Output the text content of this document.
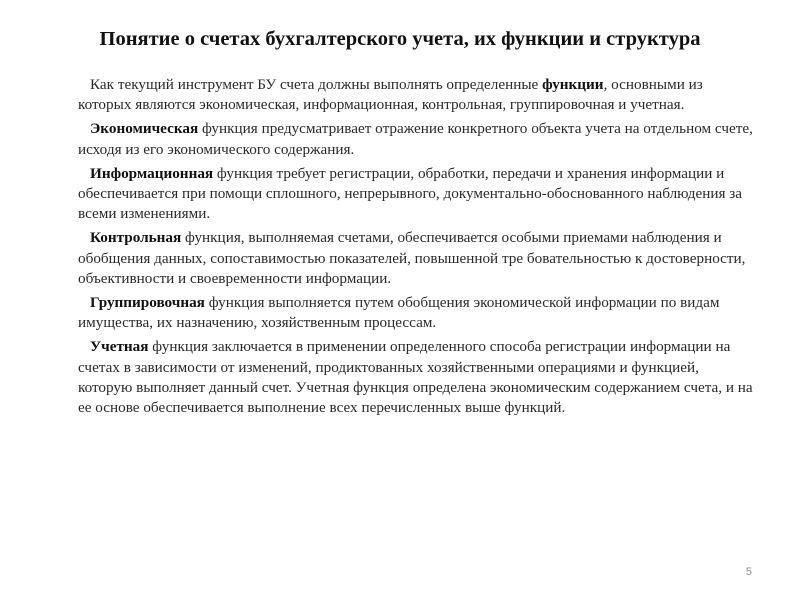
Понятие о счетах бухгалтерского учета, их функции и структура

Как текущий инструмент БУ счета должны выполнять определенные функции, основными из которых являются экономическая, информационная, контрольная, группировочная и учетная.

Экономическая функция предусматривает отражение конкретного объекта учета на отдельном счете, исходя из его экономического содержания.

Информационная функция требует регистрации, обработки, передачи и хранения информации и обеспечивается при помощи сплошного, непрерывного, документально-обоснованного наблюдения за всеми изменениями.

Контрольная функция, выполняемая счетами, обеспечивается особыми приемами наблюдения и обобщения данных, сопоставимостью показателей, повышенной тре бовательностью к достоверности, объективности и своевременности информации.

Группировочная функция выполняется путем обобщения экономической информации по видам имущества, их назначению, хозяйственным процессам.

Учетная функция заключается в применении определенного способа регистрации информации на счетах в зависимости от изменений, продиктованных хозяйственными операциями и функцией, которую выполняет данный счет. Учетная функция определена экономическим содержанием счета, и на ее основе обеспечивается выполнение всех перечисленных выше функций.

5
